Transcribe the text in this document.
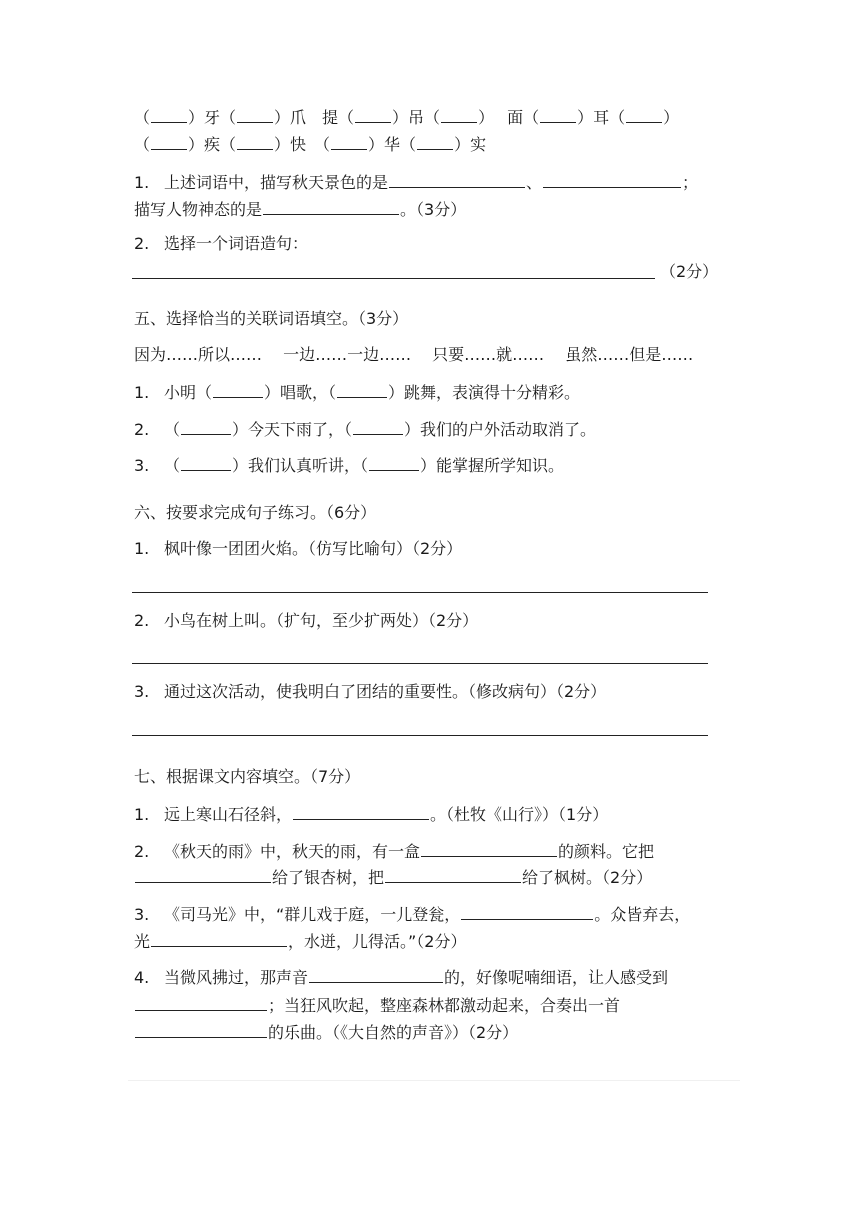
（ ）牙（ ）爪　提（ ）吊（ ）　 面（ ）耳（ ）
（ ）疾（ ）快　（ ）华（ ）实
1. 上述词语中，描写秋天景色的是	、	；
描写人物神态的是	。（3分）
2. 选择一个词语造句：
（2分）
五、选择恰当的关联词语填空。（3分）
因为……所以……　 一边……一边……　 只要……就……　 虽然……但是……
1. 小明（	）唱歌，（	）跳舞，表演得十分精彩。
2. （	）今天下雨了，（	）我们的户外活动取消了。
3. （	）我们认真听讲，（	）能掌握所学知识。
六、按要求完成句子练习。（6分）
1. 枫叶像一团团火焰。（仿写比喻句）（2分）
2. 小鸟在树上叫。（扩句，至少扩两处）（2分）
3. 通过这次活动，使我明白了团结的重要性。（修改病句）（2分）
七、根据课文内容填空。（7分）
1. 远上寒山石径斜，	。（杜牧《山行》）（1分）
2. 《秋天的雨》中，秋天的雨，有一盒	的颜料。它把
给了银杏树，把	给了枫树。（2分）
3. 《司马光》中，“群儿戏于庭，一儿登瓮，	。众皆弃去，
光	，水迸，儿得活。”（2分）
4. 当微风拂过，那声音	的，好像呢喃细语，让人感受到
；当狂风吹起，整座森林都激动起来，合奏出一首
的乐曲。（《大自然的声音》）（2分）
